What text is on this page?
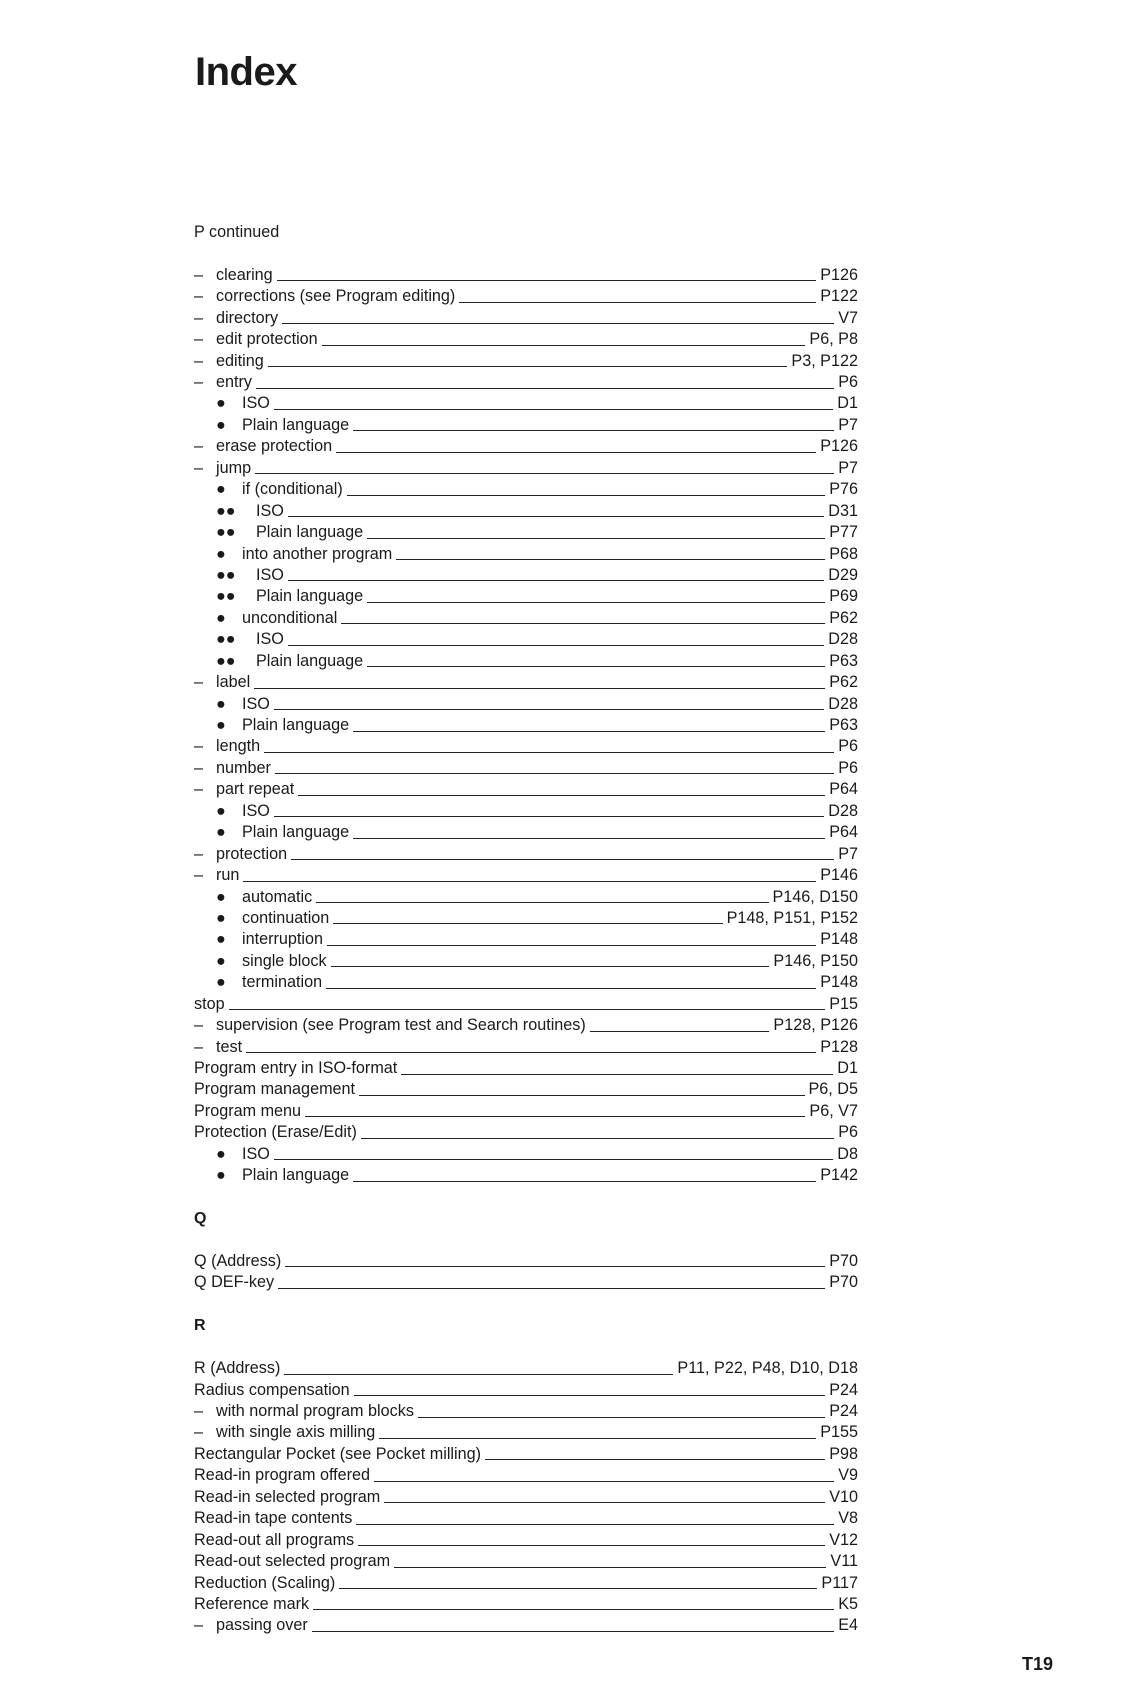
Index
P continued
– clearing	P126
– corrections (see Program editing)	P122
– directory	V7
– edit protection	P6, P8
– editing	P3, P122
– entry	P6
●	ISO	D1
●	Plain language	P7
– erase protection	P126
– jump	P7
●	if (conditional)	P76
●●	ISO	D31
●●	Plain language	P77
●	into another program	P68
●●	ISO	D29
●●	Plain language	P69
●	unconditional	P62
●●	ISO	D28
●●	Plain language	P63
– label	P62
●	ISO	D28
●	Plain language	P63
– length	P6
– number	P6
– part repeat	P64
●	ISO	D28
●	Plain language	P64
– protection	P7
– run	P146
●	automatic	P146, D150
●	continuation	P148, P151, P152
●	interruption	P148
●	single block	P146, P150
●	termination	P148
stop	P15
– supervision (see Program test and Search routines)	P128, P126
– test	P128
Program entry in ISO-format	D1
Program management	P6, D5
Program menu	P6, V7
Protection (Erase/Edit)	P6
●	ISO	D8
●	Plain language	P142
Q
Q (Address)	P70
Q DEF-key	P70
R
R (Address)	P11, P22, P48, D10, D18
Radius compensation	P24
– with normal program blocks	P24
– with single axis milling	P155
Rectangular Pocket (see Pocket milling)	P98
Read-in program offered	V9
Read-in selected program	V10
Read-in tape contents	V8
Read-out all programs	V12
Read-out selected program	V11
Reduction (Scaling)	P117
Reference mark	K5
– passing over	E4
T19
